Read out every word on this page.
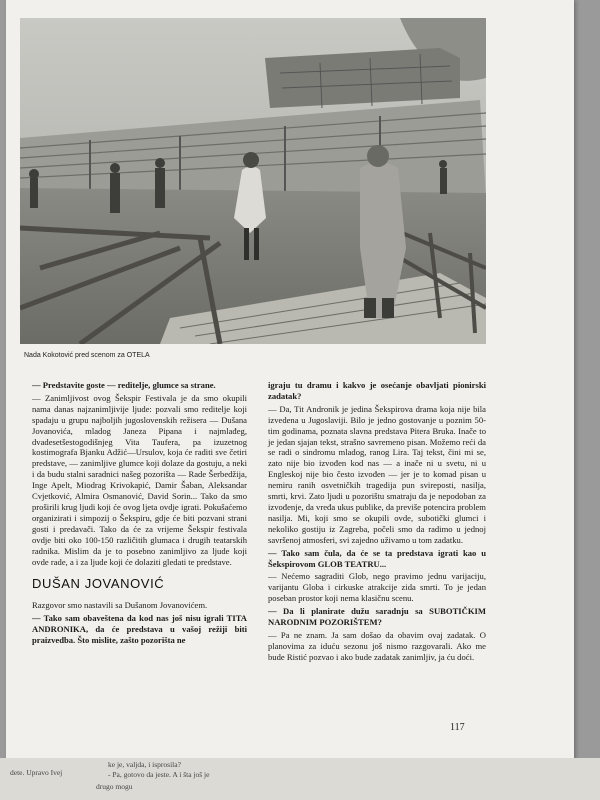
Nada Kokotović pred scenom za OTELA

— Predstavite goste — reditelje, glumce sa strane.

— Zanimljivost ovog Šekspir Festivala je da smo okupili nama danas najzanimljivije ljude: pozvali smo reditelje koji spadaju u grupu najboljih jugoslovenskih režisera — Dušana Jovanovića, mladog Janeza Pipana i najmlađeg, dvadesetšestogodišnjeg Vita Taufera, pa izuzetnog kostimografa Bjanku Adžić—Ursulov, koja će raditi sve četiri predstave, — zanimljive glumce koji dolaze da gostuju, a neki i da budu stalni saradnici našeg pozorišta — Rade Šerbedžija, Inge Apelt, Miodrag Krivokapić, Damir Šaban, Aleksandar Cvjetković, Almira Osmanović, David Sorin... Tako da smo proširili krug ljudi koji će ovog ljeta ovdje igrati. Pokušaćemo organizirati i simpozij o Šekspiru, gdje će biti pozvani strani gosti i predavači. Tako da će za vrijeme Šekspir festivala ovdje biti oko 100-150 različitih glumaca i drugih teatarskih radnika. Mislim da je to posebno zanimljivo za ljude koji ovde rade, a i za ljude koji će dolaziti gledati te predstave.

DUŠAN JOVANOVIĆ

Razgovor smo nastavili sa Dušanom Jovanovićem.

— Tako sam obaveštena da kod nas još nisu igrali TITA ANDRONIKA, da će predstava u vašoj režiji biti praizvedba. Što mislite, zašto pozorišta ne

igraju tu dramu i kakvo je osećanje obavljati pionirski zadatak?

— Da, Tit Andronik je jedina Šekspirova drama koja nije bila izvedena u Jugoslaviji. Bilo je jedno gostovanje u poznim 50-tim godinama, poznata slavna predstava Pitera Bruka. Inače to je jedan sjajan tekst, strašno savremeno pisan. Možemo reći da se radi o sindromu mladog, ranog Lira. Taj tekst, čini mi se, zato nije bio izvođen kod nas — a inače ni u svetu, ni u Engleskoj nije bio često izvođen — jer je to komad pisan u nemiru ranih osvetničkih tragedija pun svireposti, nasilja, smrti, krvi. Zato ljudi u pozorištu smatraju da je nepodoban za izvođenje, da vređa ukus publike, da previše potencira problem nasilja. Mi, koji smo se okupili ovde, subotički glumci i nekoliko gostiju iz Zagreba, počeli smo da radimo u jednoj savršenoj atmosferi, svi zajedno uživamo u tom zadatku.

— Tako sam čula, da će se ta predstava igrati kao u Šekspirovom GLOB TEATRU...

— Nećemo sagraditi Glob, nego pravimo jednu varijaciju, varijantu Globa i cirkuske atrakcije zida smrti. To je jedan poseban prostor koji nema klasičnu scenu.

— Da li planirate dužu saradnju sa SUBOTIČKIM NARODNIM POZORIŠTEM?

— Pa ne znam. Ja sam došao da obavim ovaj zadatak. O planovima za iduću sezonu još nismo razgovarali. Ako me bude Ristić pozvao i ako bude zadatak zanimljiv, ja ću doći.

117
dete. Upravo Ivej
ke je, valjda, i isprosila?
- Pa, gotovo da jeste. A i šta još je
drugo mogu
